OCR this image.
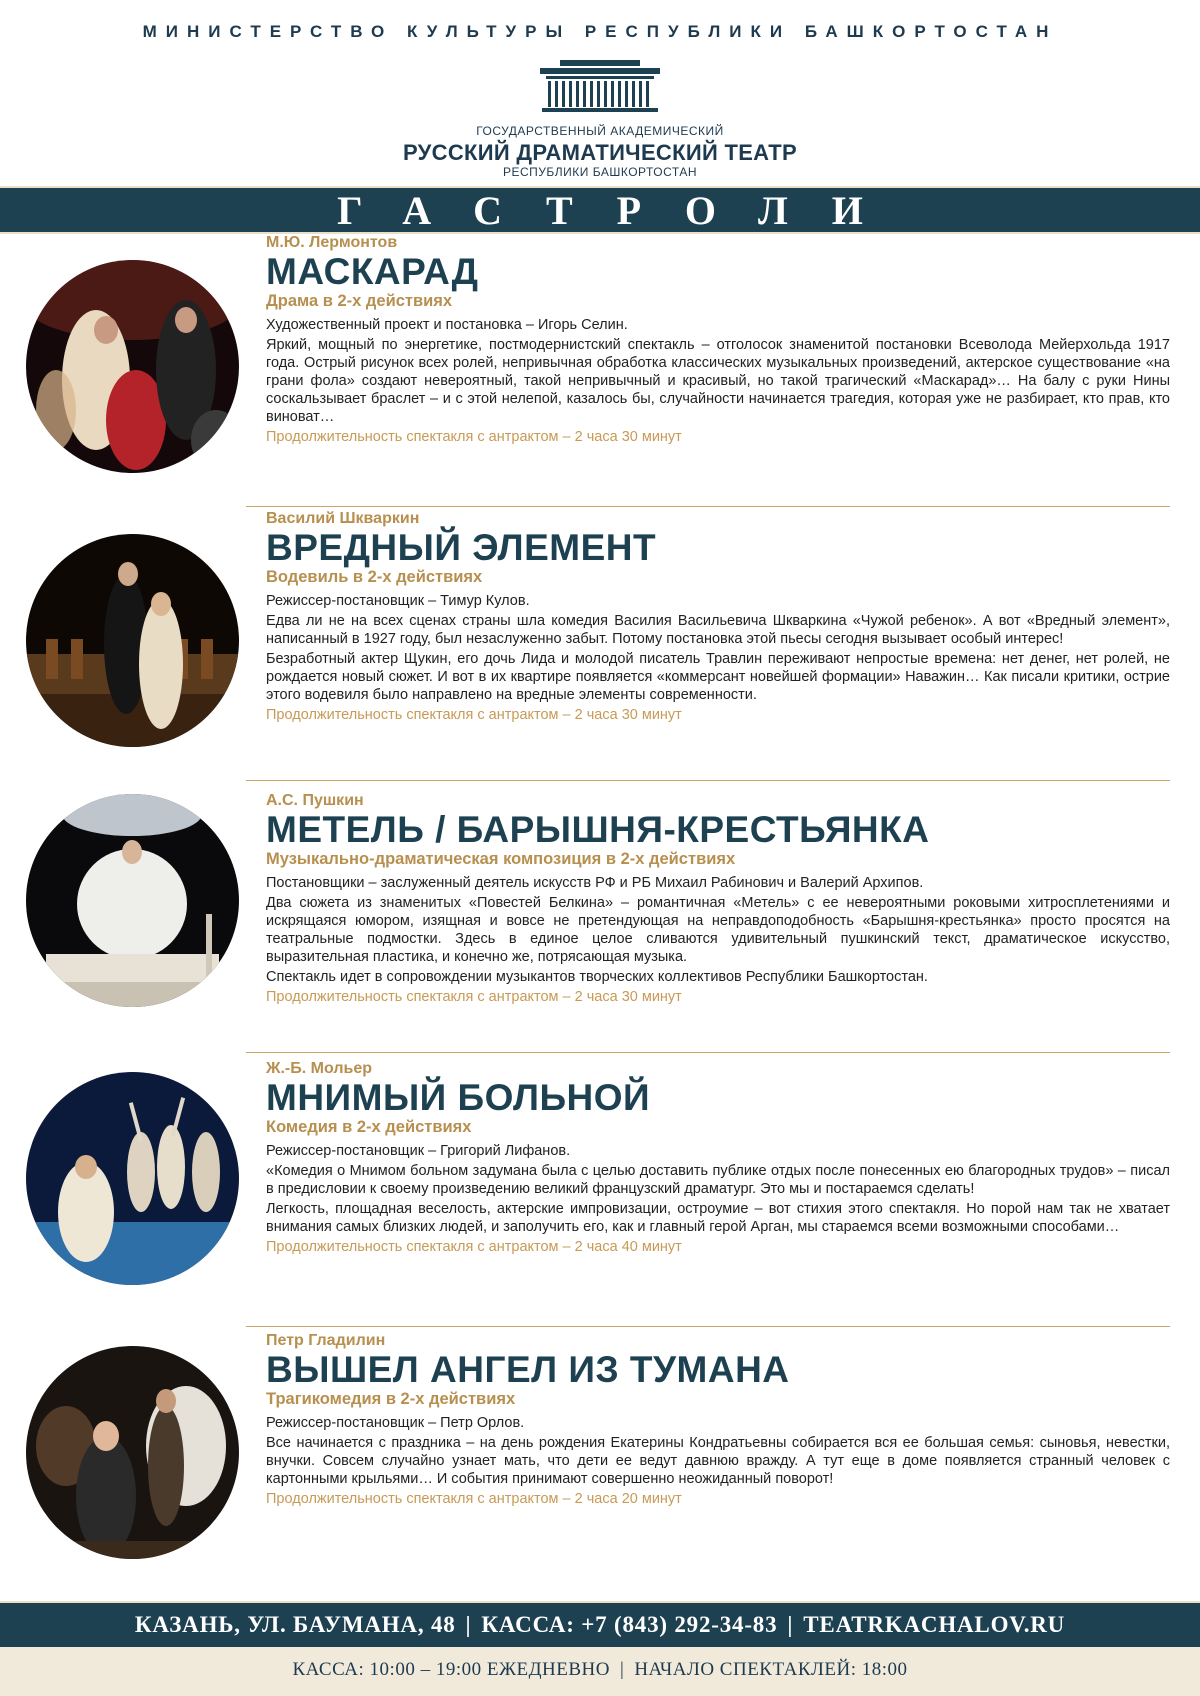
МИНИСТЕРСТВО КУЛЬТУРЫ РЕСПУБЛИКИ БАШКОРТОСТАН
ГОСУДАРСТВЕННЫЙ АКАДЕМИЧЕСКИЙ
РУССКИЙ ДРАМАТИЧЕСКИЙ ТЕАТР
РЕСПУБЛИКИ БАШКОРТОСТАН
ГАСТРОЛИ
М.Ю. Лермонтов
МАСКАРАД
Драма в 2-х действиях
Художественный проект и постановка – Игорь Селин.
Яркий, мощный по энергетике, постмодернистский спектакль – отголосок знаменитой постановки Всеволода Мейерхольда 1917 года. Острый рисунок всех ролей, непривычная обработка классических музыкальных произведений, актерское существование «на грани фола» создают невероятный, такой непривычный и красивый, но такой трагический «Маскарад»… На балу с руки Нины соскальзывает браслет – и с этой нелепой, казалось бы, случайности начинается трагедия, которая уже не разбирает, кто прав, кто виноват…
Продолжительность спектакля с антрактом – 2 часа 30 минут
Василий Шкваркин
ВРЕДНЫЙ ЭЛЕМЕНТ
Водевиль в 2-х действиях
Режиссер-постановщик – Тимур Кулов.
Едва ли не на всех сценах страны шла комедия Василия Васильевича Шкваркина «Чужой ребенок». А вот «Вредный элемент», написанный в 1927 году, был незаслуженно забыт. Потому постановка этой пьесы сегодня вызывает особый интерес!
Безработный актер Щукин, его дочь Лида и молодой писатель Травлин переживают непростые времена: нет денег, нет ролей, не рождается новый сюжет. И вот в их квартире появляется «коммерсант новейшей формации» Наважин… Как писали критики, острие этого водевиля было направлено на вредные элементы современности.
Продолжительность спектакля с антрактом – 2 часа 30 минут
А.С. Пушкин
МЕТЕЛЬ / БАРЫШНЯ-КРЕСТЬЯНКА
Музыкально-драматическая композиция в 2-х действиях
Постановщики – заслуженный деятель искусств РФ и РБ Михаил Рабинович и Валерий Архипов.
Два сюжета из знаменитых «Повестей Белкина» – романтичная «Метель» с ее невероятными роковыми хитросплетениями и искрящаяся юмором, изящная и вовсе не претендующая на неправдоподобность «Барышня-крестьянка» просто просятся на театральные подмостки. Здесь в единое целое сливаются удивительный пушкинский текст, драматическое искусство, выразительная пластика, и конечно же, потрясающая музыка.
Спектакль идет в сопровождении музыкантов творческих коллективов Республики Башкортостан.
Продолжительность спектакля с антрактом – 2 часа 30 минут
Ж.-Б. Мольер
МНИМЫЙ БОЛЬНОЙ
Комедия в 2-х действиях
Режиссер-постановщик – Григорий Лифанов.
«Комедия о Мнимом больном задумана была с целью доставить публике отдых после понесенных ею благородных трудов» – писал в предисловии к своему произведению великий французский драматург. Это мы и постараемся сделать!
Легкость, площадная веселость, актерские импровизации, остроумие – вот стихия этого спектакля. Но порой нам так не хватает внимания самых близких людей, и заполучить его, как и главный герой Арган, мы стараемся всеми возможными способами…
Продолжительность спектакля с антрактом – 2 часа 40 минут
Петр Гладилин
ВЫШЕЛ АНГЕЛ ИЗ ТУМАНА
Трагикомедия в 2-х действиях
Режиссер-постановщик – Петр Орлов.
Все начинается с праздника – на день рождения Екатерины Кондратьевны собирается вся ее большая семья: сыновья, невестки, внучки. Совсем случайно узнает мать, что дети ее ведут давнюю вражду. А тут еще в доме появляется странный человек с картонными крыльями… И события принимают совершенно неожиданный поворот!
Продолжительность спектакля с антрактом – 2 часа 20 минут
КАЗАНЬ, УЛ. БАУМАНА, 48 | КАССА: +7 (843) 292-34-83 | TEATRKACHALOV.RU
КАССА: 10:00 – 19:00 ЕЖЕДНЕВНО | НАЧАЛО СПЕКТАКЛЕЙ: 18:00
